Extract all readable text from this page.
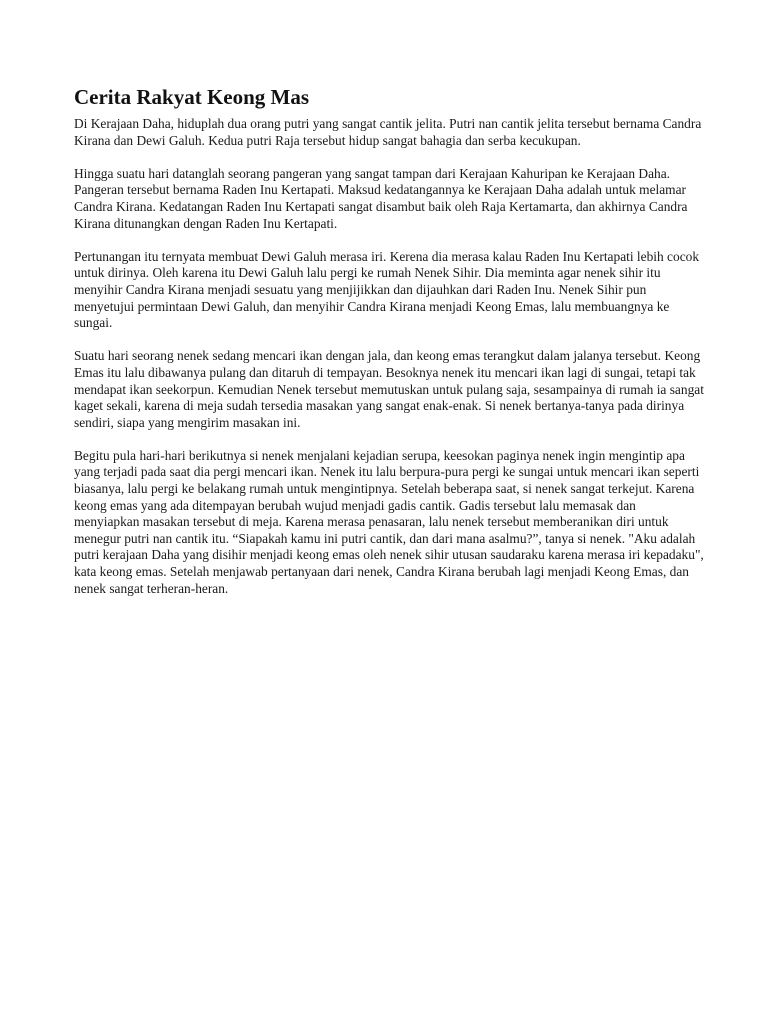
Cerita Rakyat Keong Mas

Di Kerajaan Daha, hiduplah dua orang putri yang sangat cantik jelita. Putri nan cantik jelita tersebut bernama Candra Kirana dan Dewi Galuh. Kedua putri Raja tersebut hidup sangat bahagia dan serba kecukupan.

Hingga suatu hari datanglah seorang pangeran yang sangat tampan dari Kerajaan Kahuripan ke Kerajaan Daha. Pangeran tersebut bernama Raden Inu Kertapati. Maksud kedatangannya ke Kerajaan Daha adalah untuk melamar Candra Kirana. Kedatangan Raden Inu Kertapati sangat disambut baik oleh Raja Kertamarta, dan akhirnya Candra Kirana ditunangkan dengan Raden Inu Kertapati.

Pertunangan itu ternyata membuat Dewi Galuh merasa iri. Kerena dia merasa kalau Raden Inu Kertapati lebih cocok untuk dirinya. Oleh karena itu Dewi Galuh lalu pergi ke rumah Nenek Sihir. Dia meminta agar nenek sihir itu menyihir Candra Kirana menjadi sesuatu yang menjijikkan dan dijauhkan dari Raden Inu. Nenek Sihir pun menyetujui permintaan Dewi Galuh, dan menyihir Candra Kirana menjadi Keong Emas, lalu membuangnya ke sungai.

Suatu hari seorang nenek sedang mencari ikan dengan jala, dan keong emas terangkut dalam jalanya tersebut. Keong Emas itu lalu dibawanya pulang dan ditaruh di tempayan. Besoknya nenek itu mencari ikan lagi di sungai, tetapi tak mendapat ikan seekorpun. Kemudian Nenek tersebut memutuskan untuk pulang saja, sesampainya di rumah ia sangat kaget sekali, karena di meja sudah tersedia masakan yang sangat enak-enak. Si nenek bertanya-tanya pada dirinya sendiri, siapa yang mengirim masakan ini.

Begitu pula hari-hari berikutnya si nenek menjalani kejadian serupa, keesokan paginya nenek ingin mengintip apa yang terjadi pada saat dia pergi mencari ikan. Nenek itu lalu berpura-pura pergi ke sungai untuk mencari ikan seperti biasanya, lalu pergi ke belakang rumah untuk mengintipnya. Setelah beberapa saat, si nenek sangat terkejut. Karena keong emas yang ada ditempayan berubah wujud menjadi gadis cantik. Gadis tersebut lalu memasak dan menyiapkan masakan tersebut di meja. Karena merasa penasaran, lalu nenek tersebut memberanikan diri untuk menegur putri nan cantik itu. “Siapakah kamu ini putri cantik, dan dari mana asalmu?”, tanya si nenek. "Aku adalah putri kerajaan Daha yang disihir menjadi keong emas oleh nenek sihir utusan saudaraku karena merasa iri kepadaku", kata keong emas. Setelah menjawab pertanyaan dari nenek, Candra Kirana berubah lagi menjadi Keong Emas, dan nenek sangat terheran-heran.
